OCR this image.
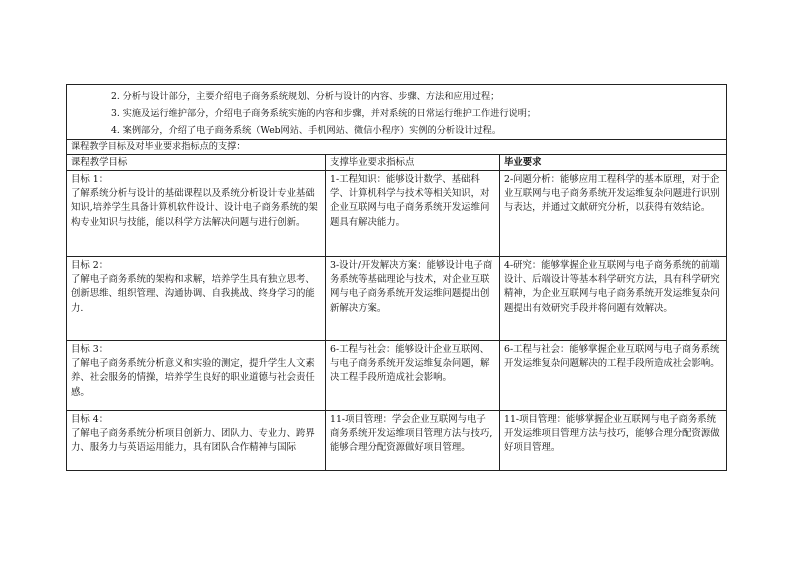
2. 分析与设计部分，主要介绍电子商务系统规划、分析与设计的内容、步骤、方法和应用过程；
3. 实施及运行维护部分，介绍电子商务系统实施的内容和步骤，并对系统的日常运行维护工作进行说明；
4. 案例部分，介绍了电子商务系统（Web网站、手机网站、微信小程序）实例的分析设计过程。
课程教学目标及对毕业要求指标点的支撑：
课程教学目标	支撑毕业要求指标点	毕业要求
目标 1：
了解系统分析与设计的基础课程以及系统分析设计专业基础知识,培养学生具备计算机软件设计、设计电子商务系统的架构专业知识与技能，能以科学方法解决问题与进行创新。
1-工程知识：能够设计数学、基础科学、计算机科学与技术等相关知识，对企业互联网与电子商务系统开发运维问题具有解决能力。
2-问题分析：能够应用工程科学的基本原理，对于企业互联网与电子商务系统开发运维复杂问题进行识别与表达，并通过文献研究分析，以获得有效结论。
目标 2：
了解电子商务系统的架构和求解，培养学生具有独立思考、创新思维、组织管理、沟通协调、自我挑战、终身学习的能力.
3-设计/开发解决方案：能够设计电子商务系统等基础理论与技术，对企业互联网与电子商务系统开发运维问题提出创新解决方案。
4-研究：能够掌握企业互联网与电子商务系统的前端设计、后端设计等基本科学研究方法，具有科学研究精神，为企业互联网与电子商务系统开发运维复杂问题提出有效研究手段并将问题有效解决。
目标 3：
了解电子商务系统分析意义和实验的测定，提升学生人文素养、社会服务的情操，培养学生良好的职业道德与社会责任感。
6-工程与社会：能够设计企业互联网、与电子商务系统开发运维复杂问题，解决工程手段所造成社会影响。
6-工程与社会：能够掌握企业互联网与电子商务系统开发运维复杂问题解决的工程手段所造成社会影响。
目标 4：
了解电子商务系统分析项目创新力、团队力、专业力、跨界力、服务力与英语运用能力，具有团队合作精神与国际
11-项目管理：学会企业互联网与电子商务系统开发运维项目管理方法与技巧,能够合理分配资源做好项目管理。
11-项目管理：能够掌握企业互联网与电子商务系统开发运维项目管理方法与技巧，能够合理分配资源做好项目管理。
